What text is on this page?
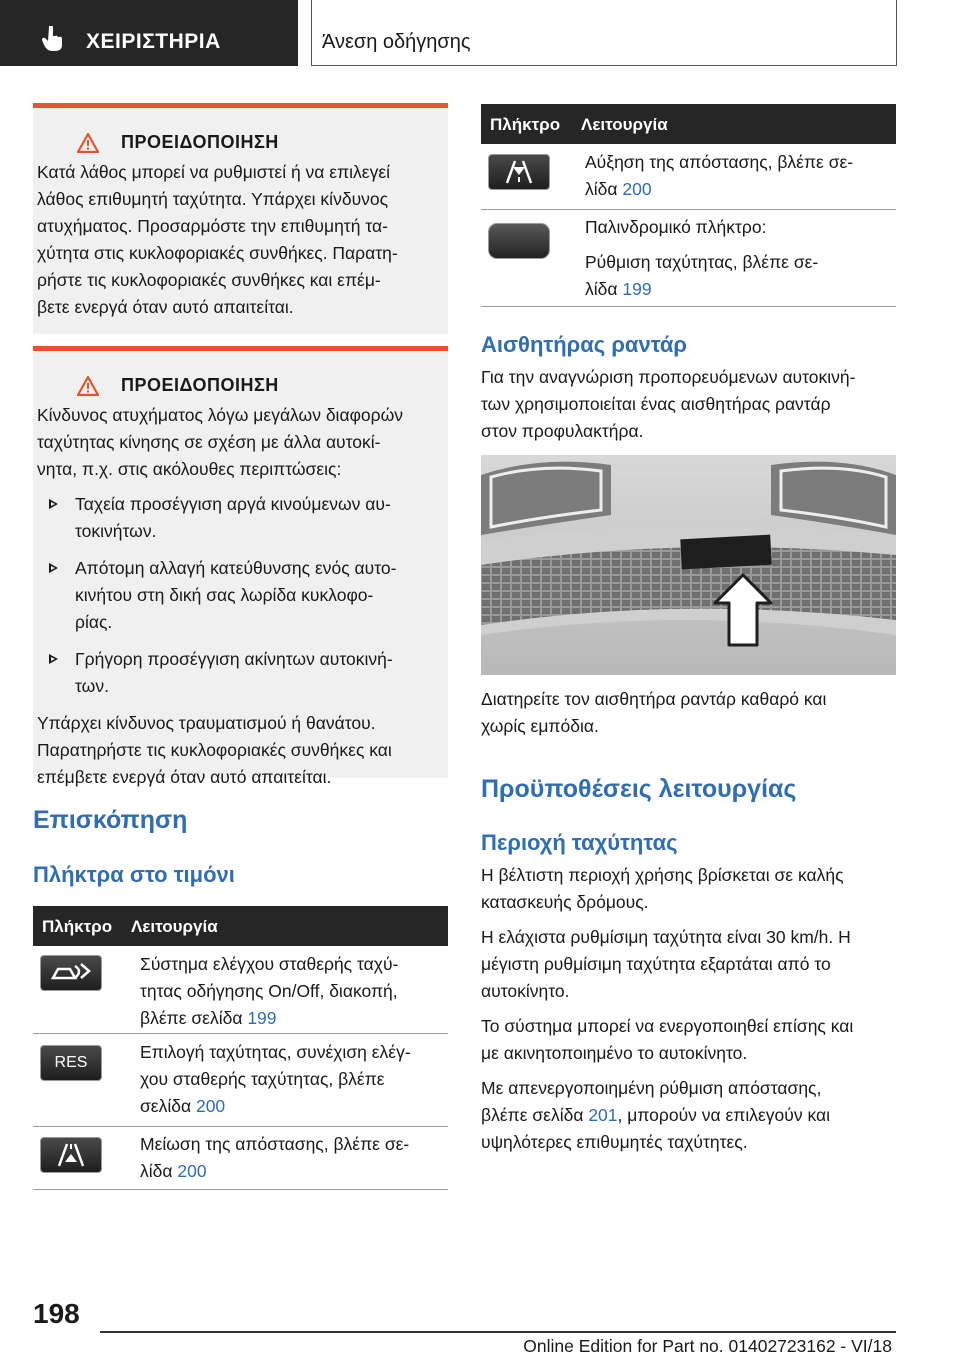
ΧΕΙΡΙΣΤΗΡΙΑ	Άνεση οδήγησης
ΠΡΟΕΙΔΟΠΟΙΗΣΗ

Κατά λάθος μπορεί να ρυθμιστεί ή να επιλεγεί

λάθος επιθυμητή ταχύτητα. Υπάρχει κίνδυνος

ατυχήματος. Προσαρμόστε την επιθυμητή τα-

χύτητα στις κυκλοφοριακές συνθήκες. Παρατη-

ρήστε τις κυκλοφοριακές συνθήκες και επέμ-

βετε ενεργά όταν αυτό απαιτείται.

ΠΡΟΕΙΔΟΠΟΙΗΣΗ

Κίνδυνος ατυχήματος λόγω μεγάλων διαφορών

ταχύτητας κίνησης σε σχέση με άλλα αυτοκί-

νητα, π.χ. στις ακόλουθες περιπτώσεις:

Ταχεία προσέγγιση αργά κινούμενων αυ-
τοκινήτων.
Απότομη αλλαγή κατεύθυνσης ενός αυτο-
κινήτου στη δική σας λωρίδα κυκλοφο-
ρίας.
Γρήγορη προσέγγιση ακίνητων αυτοκινή-
των.

Υπάρχει κίνδυνος τραυματισμού ή θανάτου.

Παρατηρήστε τις κυκλοφοριακές συνθήκες και

επέμβετε ενεργά όταν αυτό απαιτείται.

Επισκόπηση
Πλήκτρα στο τιμόνι
Πλήκτρο Λειτουργία
Σύστημα ελέγχου σταθερής ταχύ-
τητας οδήγησης On/Off, διακοπή,
βλέπε σελίδα 199
RES
Επιλογή ταχύτητας, συνέχιση ελέγ-
χου σταθερής ταχύτητας, βλέπε
σελίδα 200
Μείωση της απόστασης, βλέπε σε-
λίδα 200
Πλήκτρο Λειτουργία
Αύξηση της απόστασης, βλέπε σε-
λίδα 200
Παλινδρομικό πλήκτρο:

Ρύθμιση ταχύτητας, βλέπε σε-
λίδα 199
Αισθητήρας ραντάρ
Για την αναγνώριση προπορευόμενων αυτοκινή-
των χρησιμοποιείται ένας αισθητήρας ραντάρ
στον προφυλακτήρα.
Διατηρείτε τον αισθητήρα ραντάρ καθαρό και
χωρίς εμπόδια.
Προϋποθέσεις λειτουργίας
Περιοχή ταχύτητας

Η βέλτιστη περιοχή χρήσης βρίσκεται σε καλής
κατασκευής δρόμους.

Η ελάχιστα ρυθμίσιμη ταχύτητα είναι 30 km/h. Η
μέγιστη ρυθμίσιμη ταχύτητα εξαρτάται από το
αυτοκίνητο.

Το σύστημα μπορεί να ενεργοποιηθεί επίσης και
με ακινητοποιημένο το αυτοκίνητο.

Με απενεργοποιημένη ρύθμιση απόστασης,
βλέπε σελίδα 201, μπορούν να επιλεγούν και
υψηλότερες επιθυμητές ταχύτητες.

198
Online Edition for Part no. 01402723162 - VI/18
